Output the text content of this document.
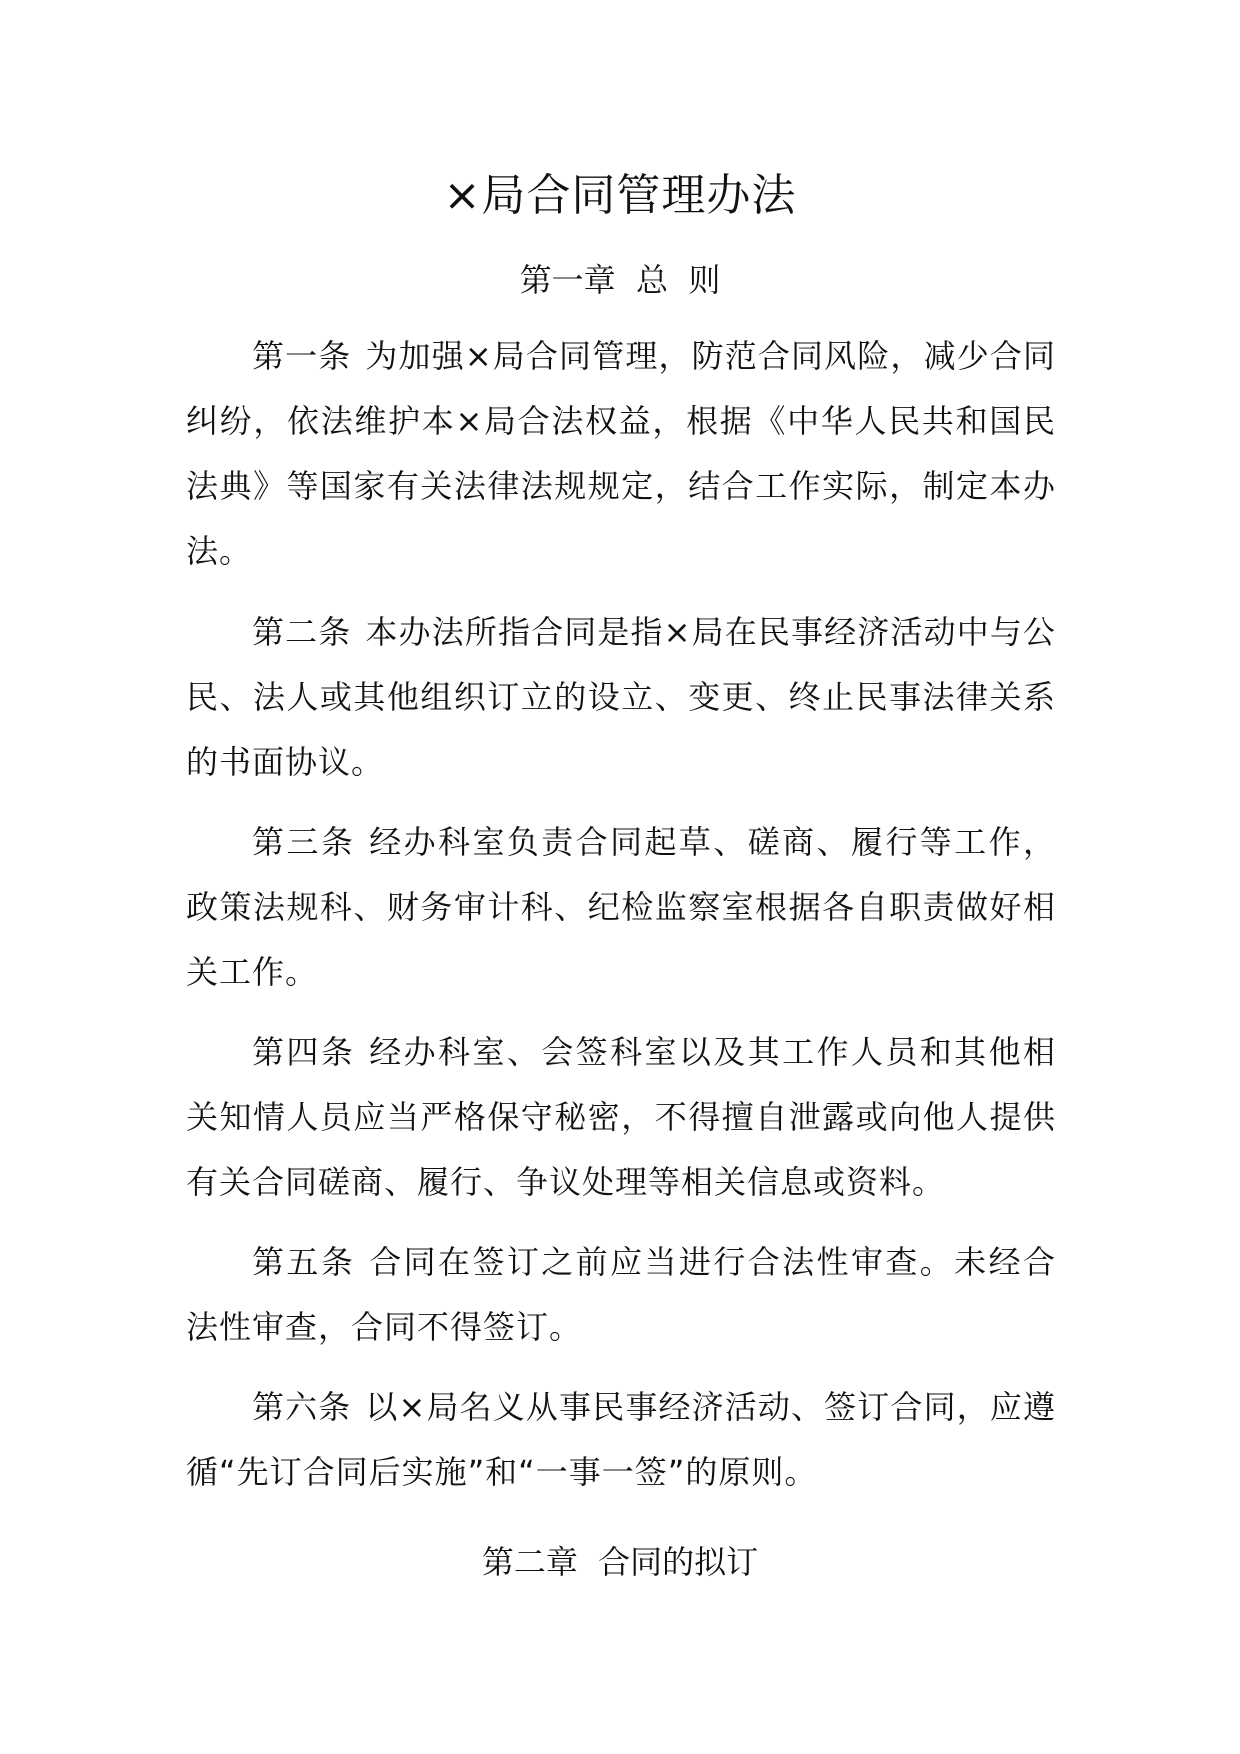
×局合同管理办法
第一章  总  则

第一条 为加强×局合同管理，防范合同风险，减少合同纠纷，依法维护本×局合法权益，根据《中华人民共和国民法典》等国家有关法律法规规定，结合工作实际，制定本办法。

第二条 本办法所指合同是指×局在民事经济活动中与公民、法人或其他组织订立的设立、变更、终止民事法律关系的书面协议。

第三条 经办科室负责合同起草、磋商、履行等工作，政策法规科、财务审计科、纪检监察室根据各自职责做好相关工作。

第四条 经办科室、会签科室以及其工作人员和其他相关知情人员应当严格保守秘密，不得擅自泄露或向他人提供有关合同磋商、履行、争议处理等相关信息或资料。

第五条 合同在签订之前应当进行合法性审查。未经合法性审查，合同不得签订。

第六条 以×局名义从事民事经济活动、签订合同，应遵循“先订合同后实施”和“一事一签”的原则。

第二章  合同的拟订
